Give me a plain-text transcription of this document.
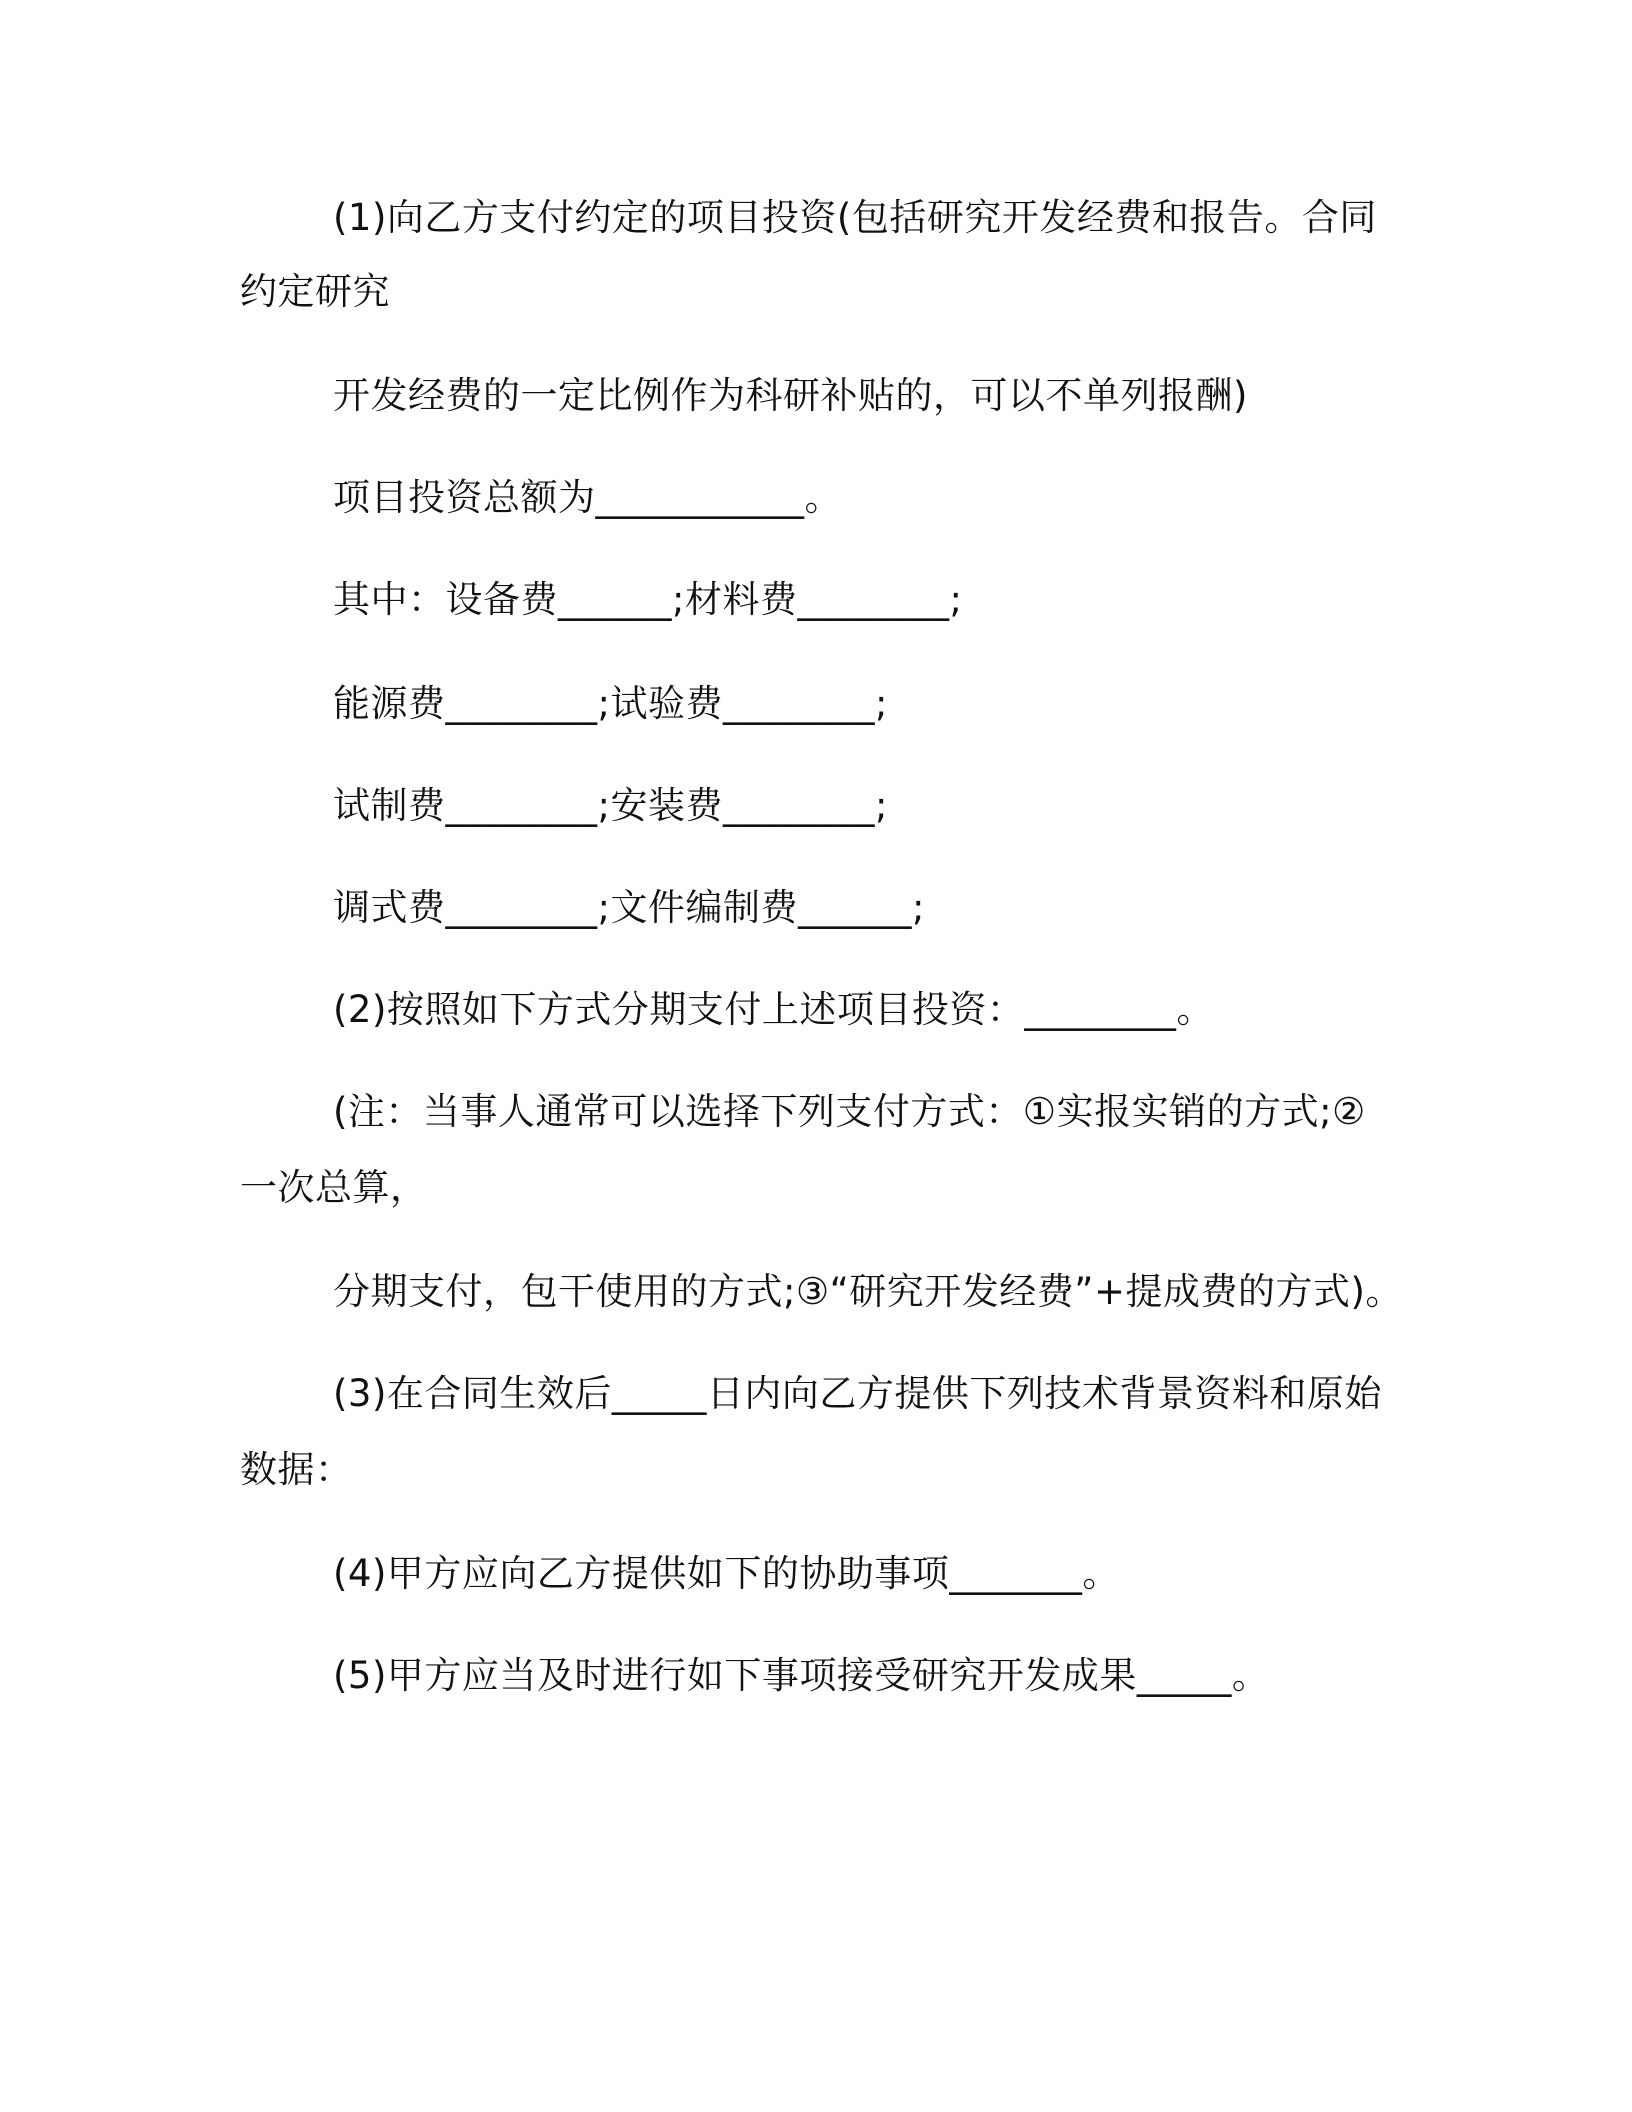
(1)向乙方支付约定的项目投资(包括研究开发经费和报告。合同
约定研究
开发经费的一定比例作为科研补贴的，可以不单列报酬)
项目投资总额为___________。
其中：设备费______;材料费________;
能源费________;试验费________;
试制费________;安装费________;
调式费________;文件编制费______;
(2)按照如下方式分期支付上述项目投资：________。
(注：当事人通常可以选择下列支付方式：①实报实销的方式;②
一次总算，
分期支付，包干使用的方式;③“研究开发经费”+提成费的方式)。
(3)在合同生效后_____日内向乙方提供下列技术背景资料和原始
数据：
(4)甲方应向乙方提供如下的协助事项_______。
(5)甲方应当及时进行如下事项接受研究开发成果_____。
